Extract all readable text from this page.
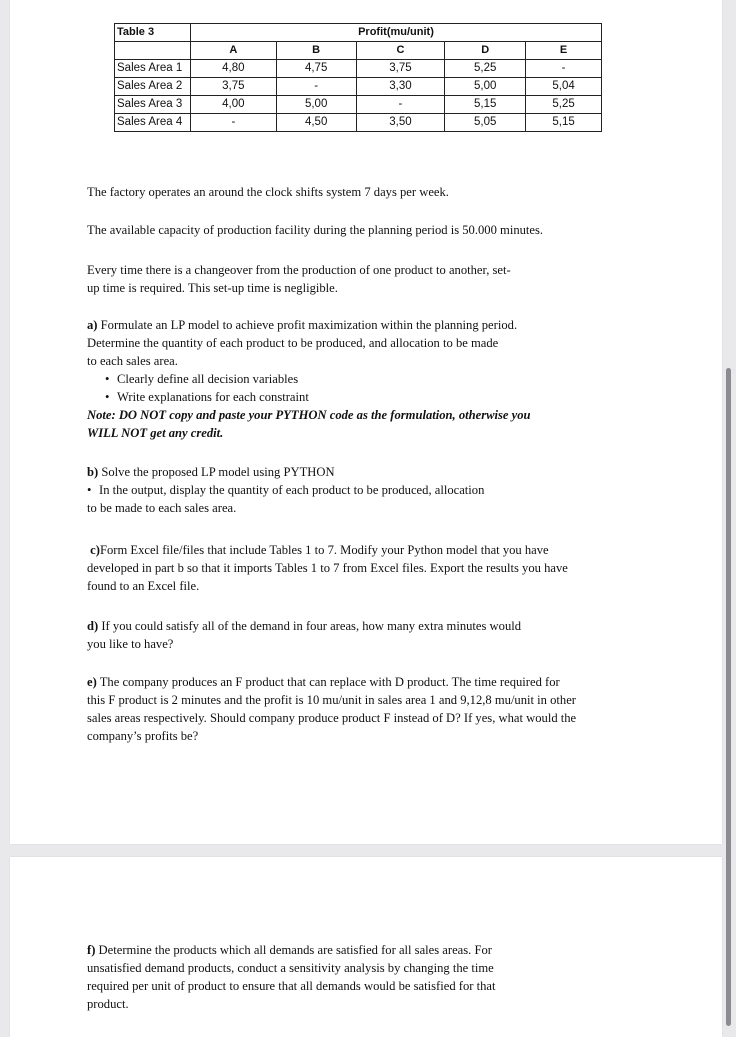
Table 3	Profit(mu/unit)				
	A	B	C	D	E
Sales Area 1	4,80	4,75	3,75	5,25	-
Sales Area 2	3,75	-	3,30	5,00	5,04
Sales Area 3	4,00	5,00	-	5,15	5,25
Sales Area 4	-	4,50	3,50	5,05	5,15

The factory operates an around the clock shifts system 7 days per week.

The available capacity of production facility during the planning period is 50.000 minutes.

Every time there is a changeover from the production of one product to another, set-

up time is required. This set-up time is negligible.

a) Formulate an LP model to achieve profit maximization within the planning period.

Determine the quantity of each product to be produced, and allocation to be made

to each sales area.

• Clearly define all decision variables
• Write explanations for each constraint

Note: DO NOT copy and paste your PYTHON code as the formulation, otherwise you

WILL NOT get any credit.

b) Solve the proposed LP model using PYTHON

• In the output, display the quantity of each product to be produced, allocation

to be made to each sales area.

c)Form Excel file/files that include Tables 1 to 7. Modify your Python model that you have

developed in part b so that it imports Tables 1 to 7 from Excel files. Export the results you have

found to an Excel file.

d) If you could satisfy all of the demand in four areas, how many extra minutes would

you like to have?

e) The company produces an F product that can replace with D product. The time required for

this F product is 2 minutes and the profit is 10 mu/unit in sales area 1 and 9,12,8 mu/unit in other

sales areas respectively. Should company produce product F instead of D? If yes, what would the

company’s profits be?

f) Determine the products which all demands are satisfied for all sales areas. For

unsatisfied demand products, conduct a sensitivity analysis by changing the time

required per unit of product to ensure that all demands would be satisfied for that

product.
